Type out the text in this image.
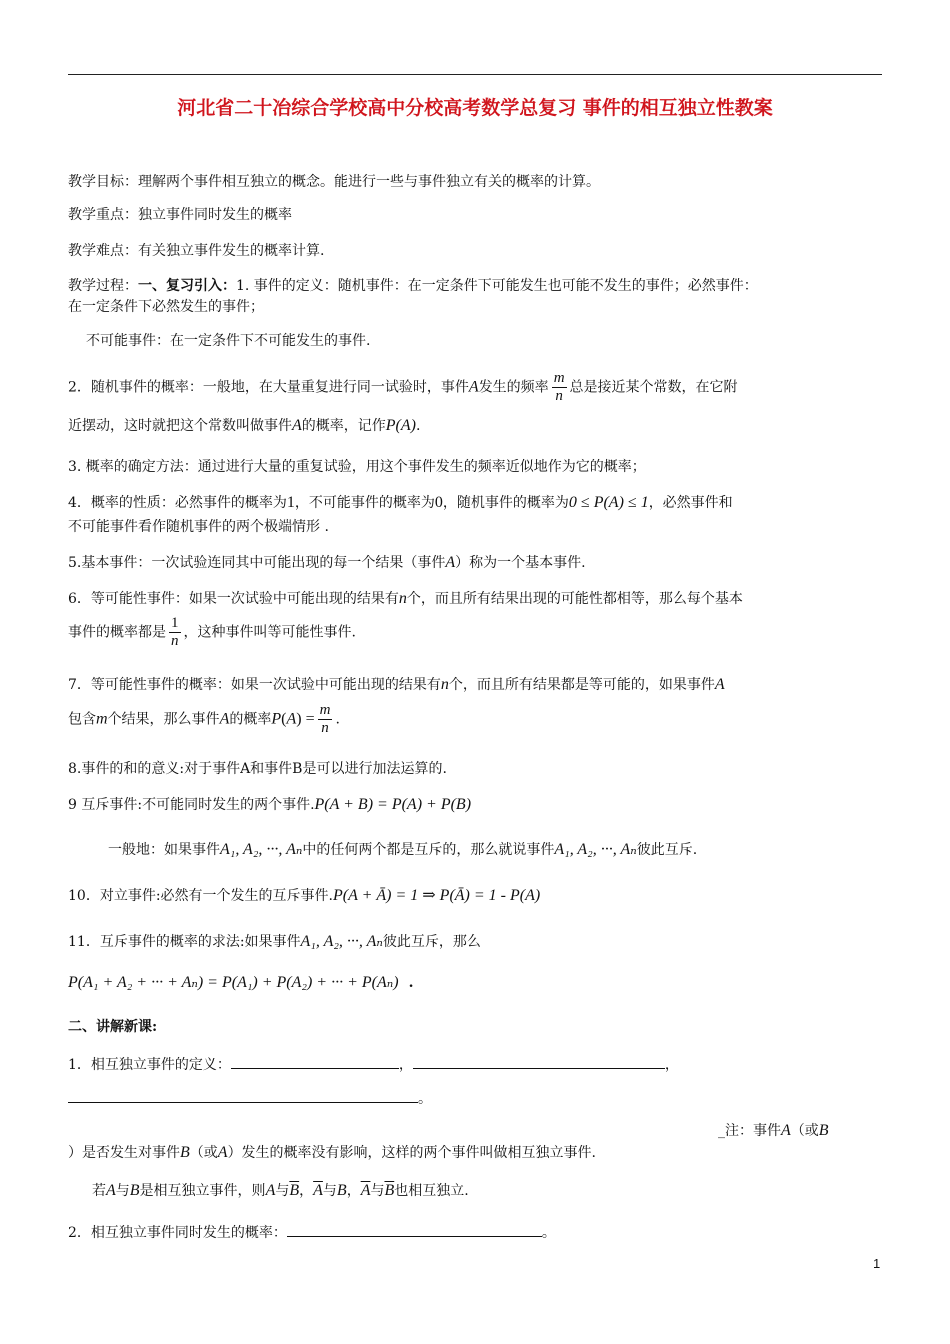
河北省二十冶综合学校高中分校高考数学总复习 事件的相互独立性教案
教学目标：理解两个事件相互独立的概念。能进行一些与事件独立有关的概率的计算。
教学重点：独立事件同时发生的概率
教学难点：有关独立事件发生的概率计算.
教学过程：一、复习引入：1. 事件的定义：随机事件：在一定条件下可能发生也可能不发生的事件；必然事件：
在一定条件下必然发生的事件；
不可能事件：在一定条件下不可能发生的事件.
2．随机事件的概率：一般地，在大量重复进行同一试验时，事件A发生的频率 $\frac{m}{n}$ 总是接近某个常数，在它附
近摆动，这时就把这个常数叫做事件A的概率，记作P(A).
3. 概率的确定方法：通过进行大量的重复试验，用这个事件发生的频率近似地作为它的概率；
4．概率的性质：必然事件的概率为1，不可能事件的概率为0，随机事件的概率为0 ≤ P(A) ≤ 1，必然事件和
不可能事件看作随机事件的两个极端情形 .
5.基本事件：一次试验连同其中可能出现的每一个结果（事件A）称为一个基本事件.
6．等可能性事件：如果一次试验中可能出现的结果有n个，而且所有结果出现的可能性都相等，那么每个基本
事件的概率都是 $\frac{1}{n}$ ，这种事件叫等可能性事件.
7．等可能性事件的概率：如果一次试验中可能出现的结果有n个，而且所有结果都是等可能的，如果事件A
包含m个结果，那么事件A的概率$P(A) = \frac{m}{n}$ .
8.事件的和的意义:对于事件A和事件B是可以进行加法运算的.
9 互斥事件:不可能同时发生的两个事件.P(A + B) = P(A) + P(B)
一般地：如果事件A₁, A₂, ···, Aₙ中的任何两个都是互斥的，那么就说事件A₁, A₂, ···, Aₙ彼此互斥.
10．对立事件:必然有一个发生的互斥事件.P(A + Ā) = 1 ⇒ P(Ā) = 1 - P(A)
11．互斥事件的概率的求法:如果事件A₁, A₂, ···, Aₙ彼此互斥，那么
P(A₁ + A₂ + ··· + Aₙ) = P(A₁) + P(A₂) + ··· + P(Aₙ) .
二、讲解新课:
1．相互独立事件的定义：	，	，
。
_注：事件A（或B
）是否发生对事件B（或A）发生的概率没有影响，这样的两个事件叫做相互独立事件.
若A与B是相互独立事件，则A与$\overline{B}$，$\overline{A}$与B，$\overline{A}$与$\overline{B}$也相互独立.
2．相互独立事件同时发生的概率：	。
1
